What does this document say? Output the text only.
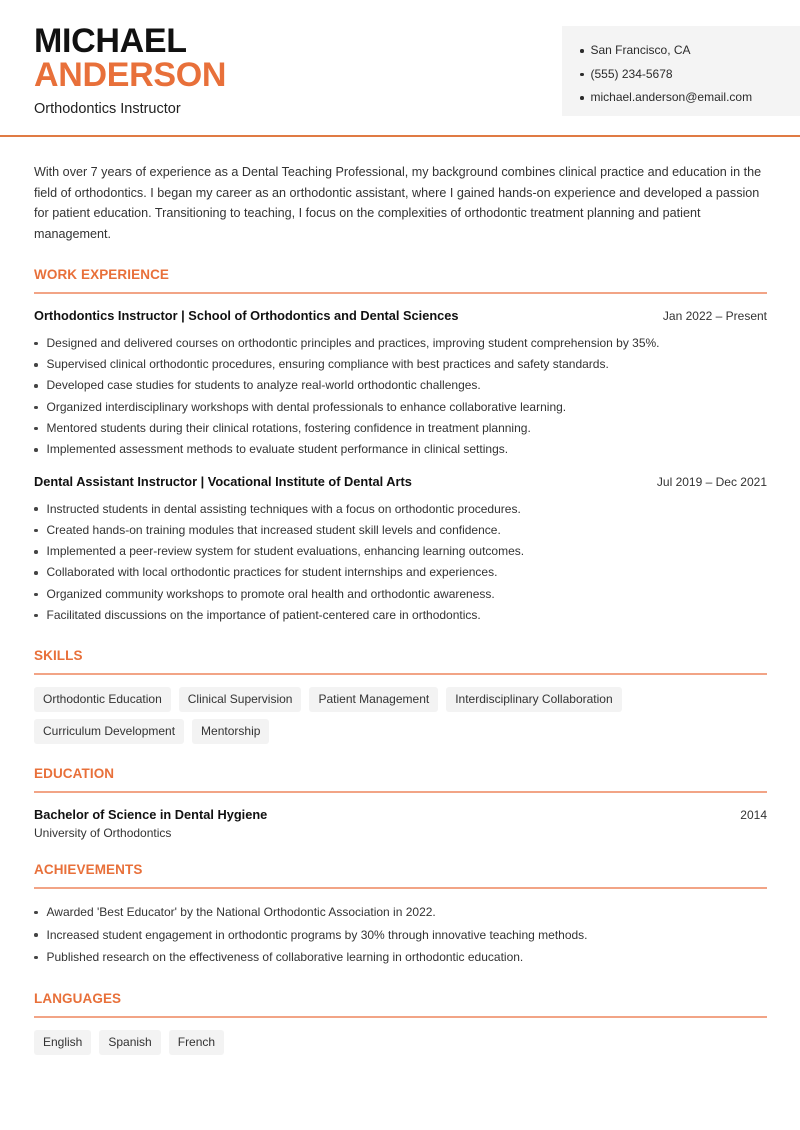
MICHAEL
ANDERSON
Orthodontics Instructor
San Francisco, CA
(555) 234-5678
michael.anderson@email.com

With over 7 years of experience as a Dental Teaching Professional, my background combines clinical practice and education in the field of orthodontics. I began my career as an orthodontic assistant, where I gained hands-on experience and developed a passion for patient education. Transitioning to teaching, I focus on the complexities of orthodontic treatment planning and patient management.

WORK EXPERIENCE
Orthodontics Instructor | School of Orthodontics and Dental Sciences	Jan 2022 – Present
Designed and delivered courses on orthodontic principles and practices, improving student comprehension by 35%.
Supervised clinical orthodontic procedures, ensuring compliance with best practices and safety standards.
Developed case studies for students to analyze real-world orthodontic challenges.
Organized interdisciplinary workshops with dental professionals to enhance collaborative learning.
Mentored students during their clinical rotations, fostering confidence in treatment planning.
Implemented assessment methods to evaluate student performance in clinical settings.
Dental Assistant Instructor | Vocational Institute of Dental Arts	Jul 2019 – Dec 2021
Instructed students in dental assisting techniques with a focus on orthodontic procedures.
Created hands-on training modules that increased student skill levels and confidence.
Implemented a peer-review system for student evaluations, enhancing learning outcomes.
Collaborated with local orthodontic practices for student internships and experiences.
Organized community workshops to promote oral health and orthodontic awareness.
Facilitated discussions on the importance of patient-centered care in orthodontics.
SKILLS
Orthodontic Education	Clinical Supervision	Patient Management	Interdisciplinary Collaboration
Curriculum Development	Mentorship
EDUCATION
Bachelor of Science in Dental Hygiene	2014
University of Orthodontics
ACHIEVEMENTS
Awarded 'Best Educator' by the National Orthodontic Association in 2022.
Increased student engagement in orthodontic programs by 30% through innovative teaching methods.
Published research on the effectiveness of collaborative learning in orthodontic education.
LANGUAGES
English	Spanish	French
